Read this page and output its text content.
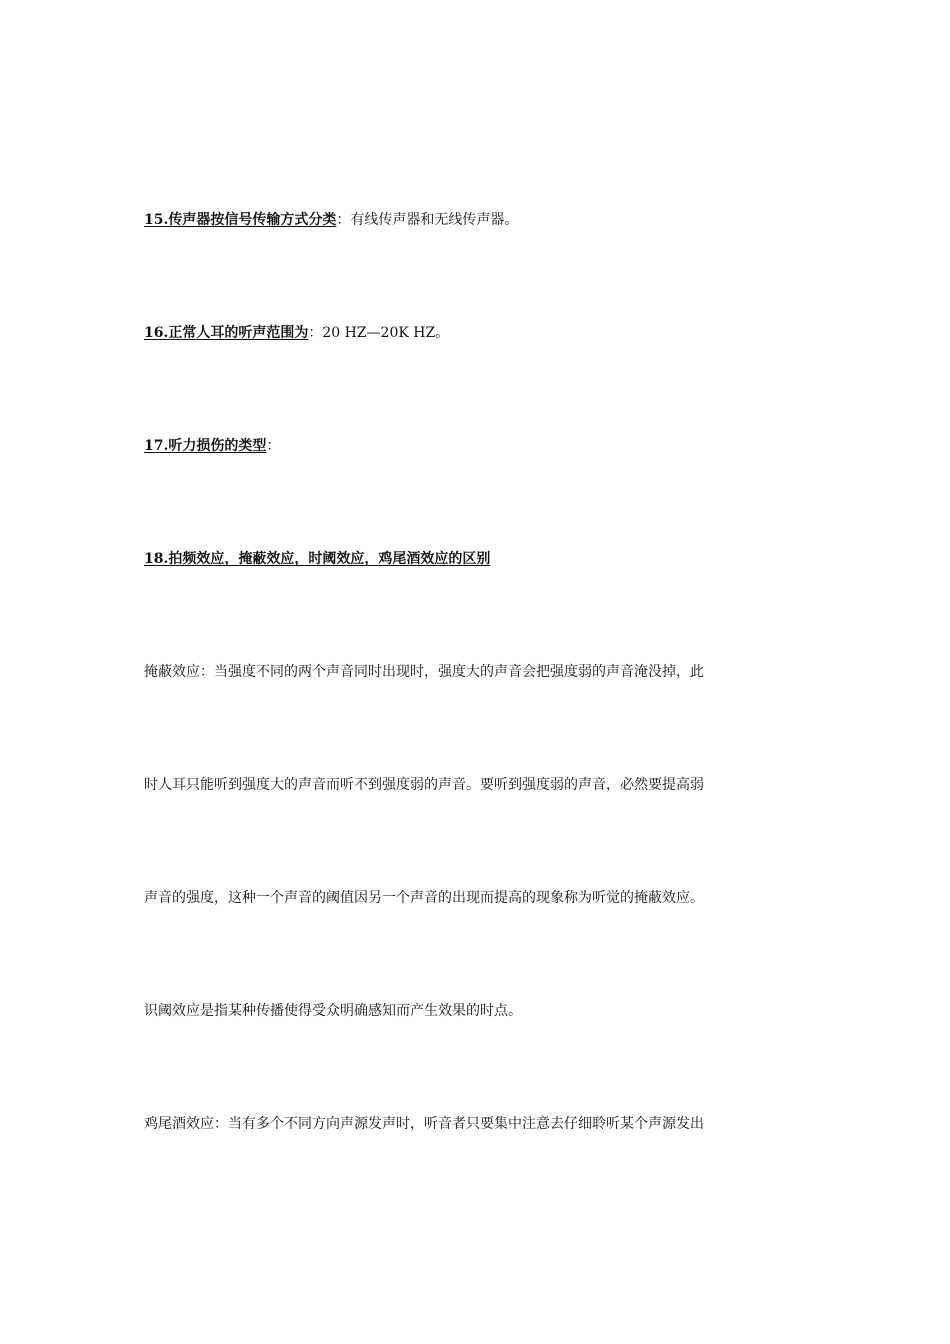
15.传声器按信号传输方式分类：有线传声器和无线传声器。
16.正常人耳的听声范围为：20 HZ—20K HZ。
17.听力损伤的类型：
18.拍频效应，掩蔽效应，时阈效应，鸡尾酒效应的区别
掩蔽效应：当强度不同的两个声音同时出现时，强度大的声音会把强度弱的声音淹没掉，此
时人耳只能听到强度大的声音而听不到强度弱的声音。要听到强度弱的声音，必然要提高弱
声音的强度，这种一个声音的阈值因另一个声音的出现而提高的现象称为听觉的掩蔽效应。
识阈效应是指某种传播使得受众明确感知而产生效果的时点。
鸡尾酒效应：当有多个不同方向声源发声时，听音者只要集中注意去仔细聆听某个声源发出
